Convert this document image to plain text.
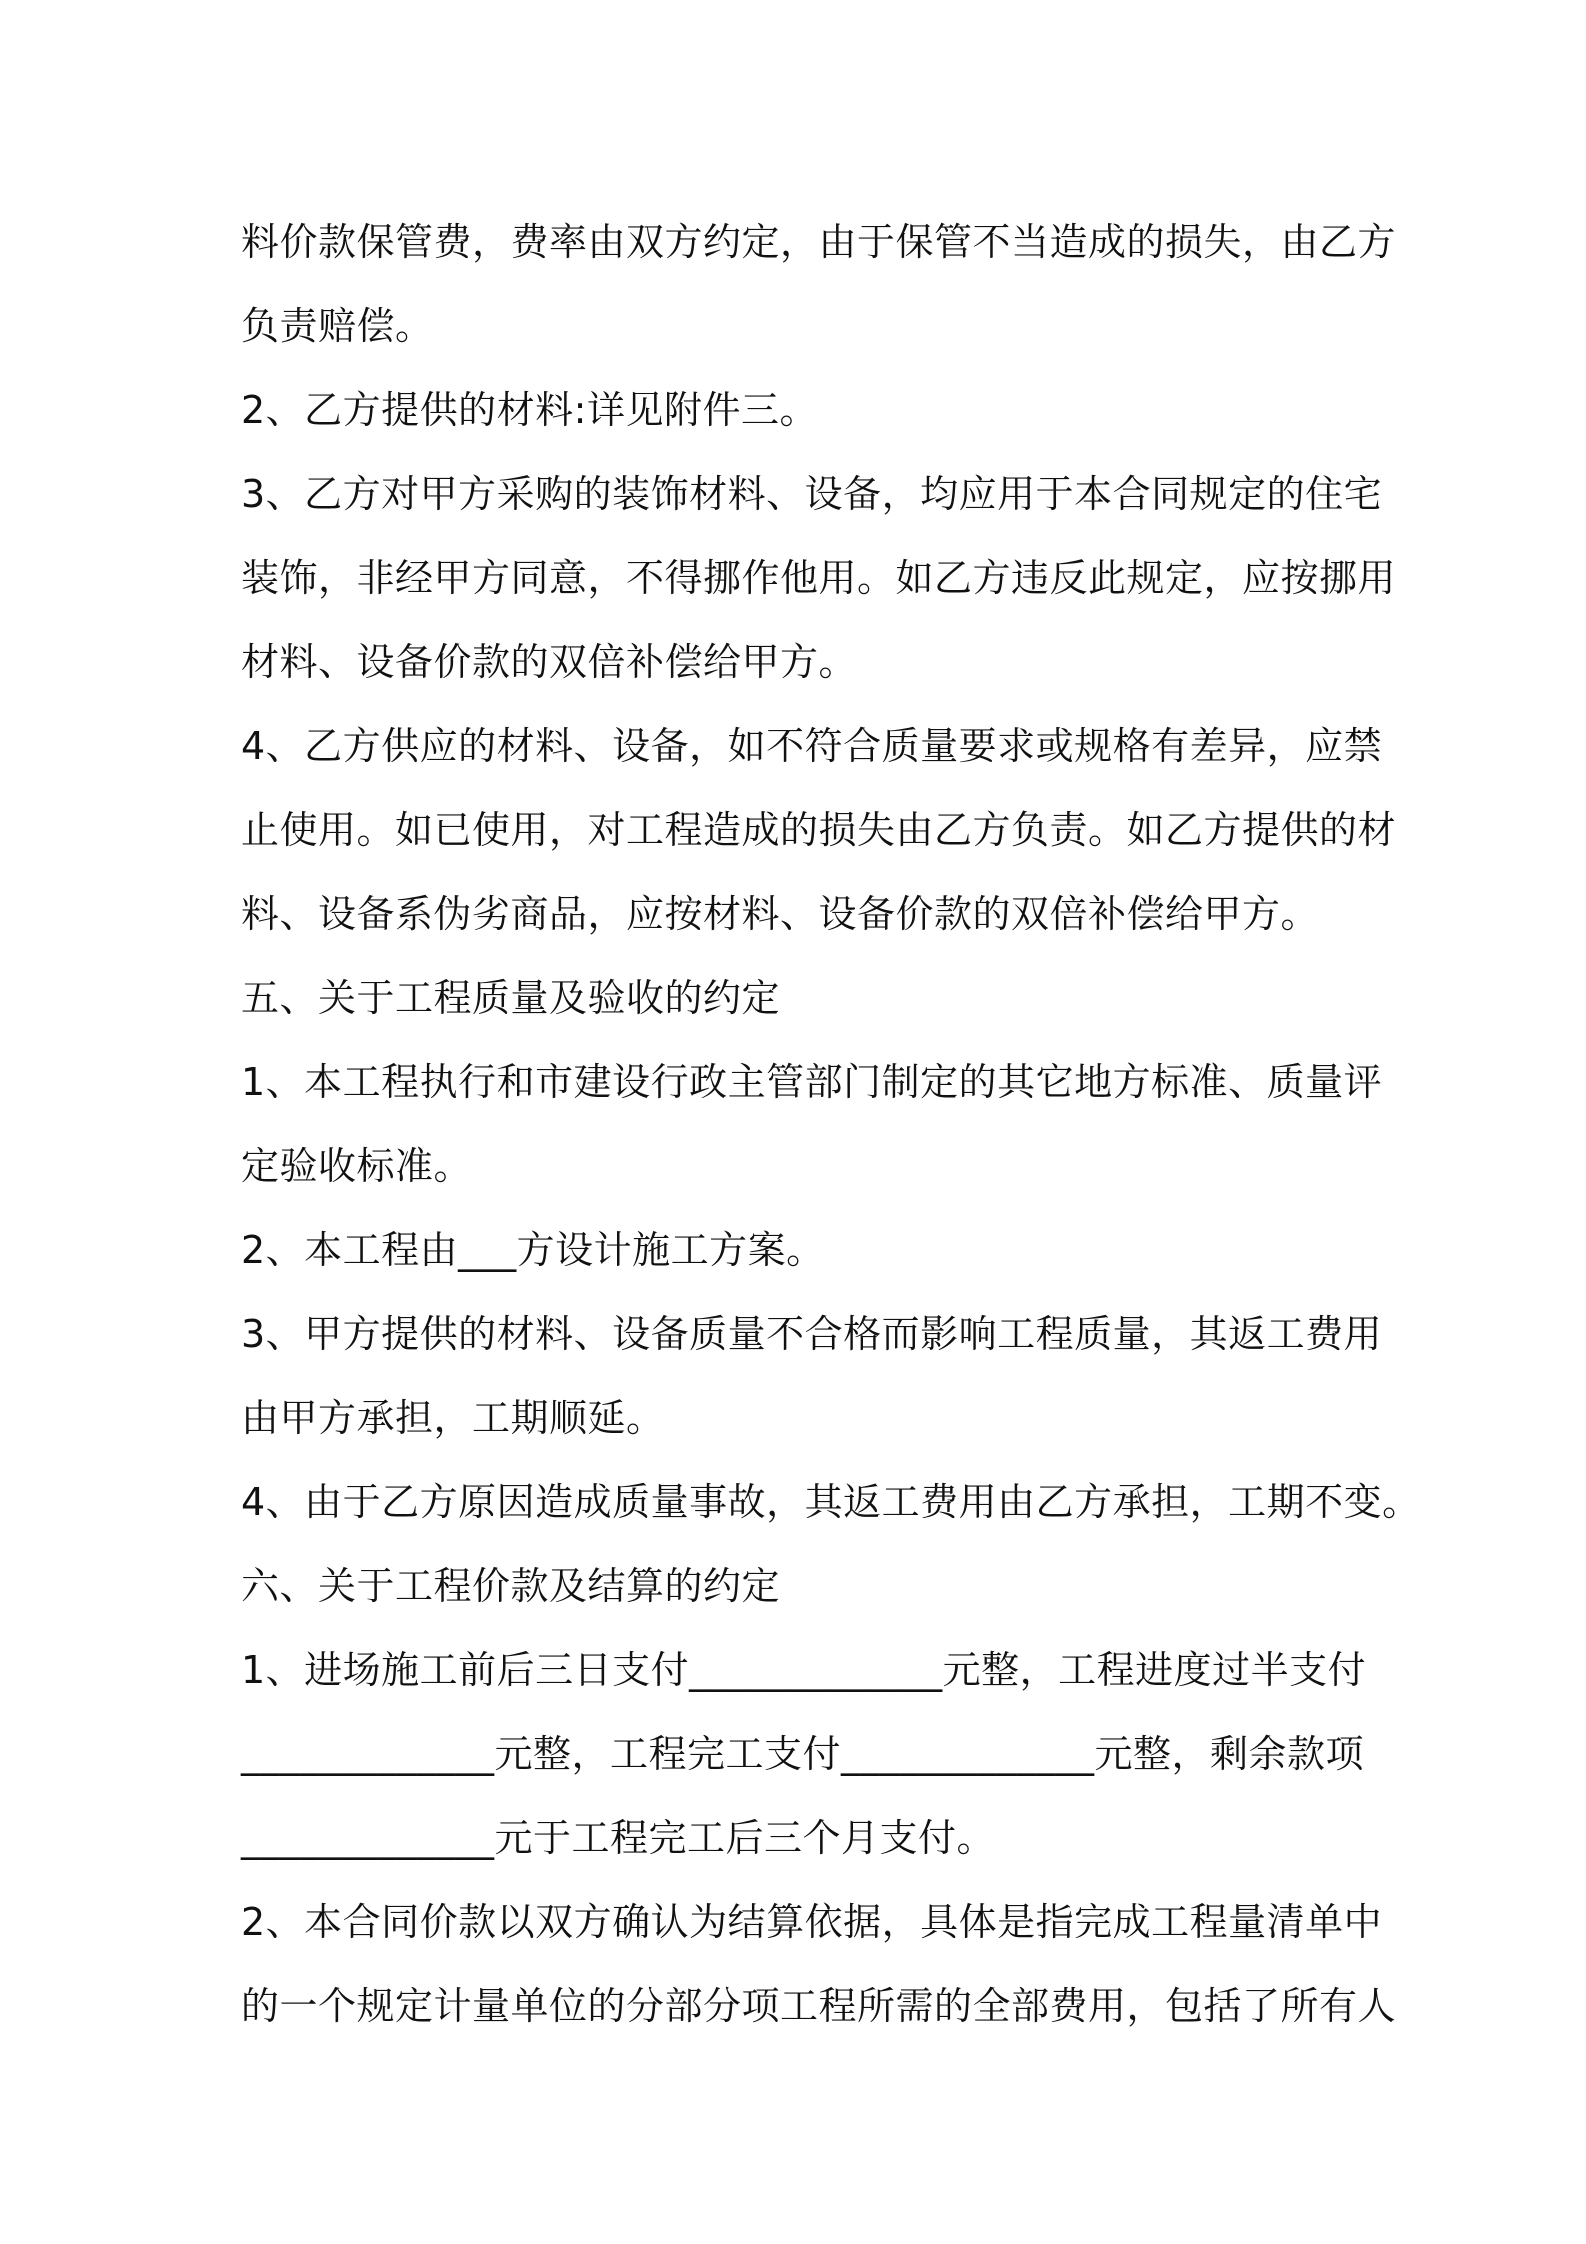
料价款保管费，费率由双方约定，由于保管不当造成的损失，由乙方
负责赔偿。
2、乙方提供的材料:详见附件三。
3、乙方对甲方采购的装饰材料、设备，均应用于本合同规定的住宅
装饰，非经甲方同意，不得挪作他用。如乙方违反此规定，应按挪用
材料、设备价款的双倍补偿给甲方。
4、乙方供应的材料、设备，如不符合质量要求或规格有差异，应禁
止使用。如已使用，对工程造成的损失由乙方负责。如乙方提供的材
料、设备系伪劣商品，应按材料、设备价款的双倍补偿给甲方。
五、关于工程质量及验收的约定
1、本工程执行和市建设行政主管部门制定的其它地方标准、质量评
定验收标准。
2、本工程由___方设计施工方案。
3、甲方提供的材料、设备质量不合格而影响工程质量，其返工费用
由甲方承担，工期顺延。
4、由于乙方原因造成质量事故，其返工费用由乙方承担，工期不变。
六、关于工程价款及结算的约定
1、进场施工前后三日支付_____________元整，工程进度过半支付
_____________元整，工程完工支付_____________元整，剩余款项
_____________元于工程完工后三个月支付。
2、本合同价款以双方确认为结算依据，具体是指完成工程量清单中
的一个规定计量单位的分部分项工程所需的全部费用，包括了所有人
